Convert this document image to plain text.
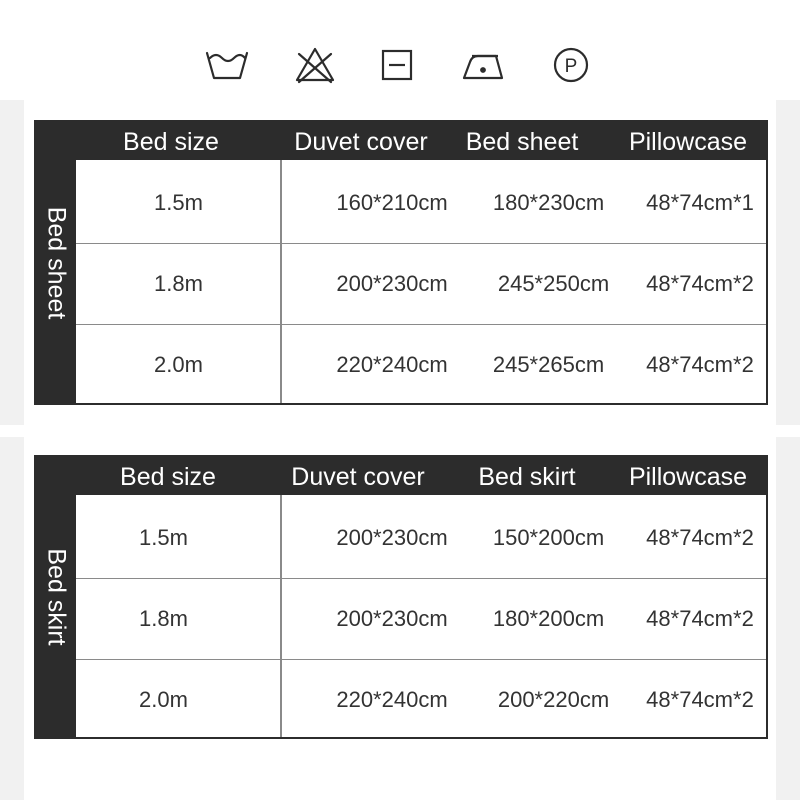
P
Bed sheet
Bed size	Duvet cover	Bed sheet	Pillowcase
1.5m	160*210cm	180*230cm	48*74cm*1
1.8m	200*230cm	245*250cm	48*74cm*2
2.0m	220*240cm	245*265cm	48*74cm*2
Bed skirt
Bed size	Duvet cover	Bed skirt	Pillowcase
1.5m	200*230cm	150*200cm	48*74cm*2
1.8m	200*230cm	180*200cm	48*74cm*2
2.0m	220*240cm	200*220cm	48*74cm*2
